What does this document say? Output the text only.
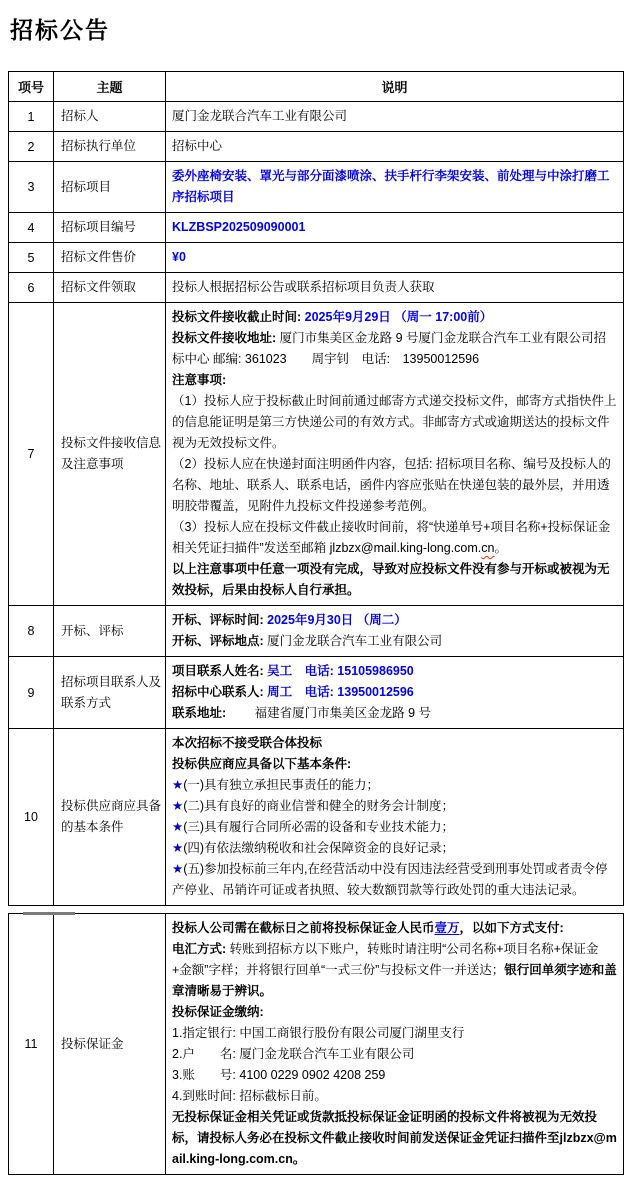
招标公告
项号	主题	说明
1	招标人	厦门金龙联合汽车工业有限公司

2	招标执行单位	招标中心

3	招标项目	委外座椅安装、罩光与部分面漆喷涂、扶手杆行李架安装、前处理与中涂打磨工序招标项目

4	招标项目编号	KLZBSP202509090001

5	招标文件售价	¥0

6	招标文件领取	投标人根据招标公告或联系招标项目负责人获取

7	投标文件接收信息及注意事项	
投标文件接收截止时间: 2025年9月29日 （周一 17:00前）
投标文件接收地址: 厦门市集美区金龙路 9 号厦门金龙联合汽车工业有限公司招标中心 邮编: 361023　　周宇钊　电话:　13950012596
注意事项:
（1）投标人应于投标截止时间前通过邮寄方式递交投标文件，邮寄方式指快件上的信息能证明是第三方快递公司的有效方式。非邮寄方式或逾期送达的投标文件视为无效投标文件。
（2）投标人应在快递封面注明函件内容，包括: 招标项目名称、编号及投标人的名称、地址、联系人、联系电话，函件内容应张贴在快递包装的最外层，并用透明胶带覆盖，见附件九投标文件投递参考范例。
（3）投标人应在投标文件截止接收时间前，将“快递单号+项目名称+投标保证金相关凭证扫描件”发送至邮箱 jlzbzx@mail.king-long.com.cn。
以上注意事项中任意一项没有完成，导致对应投标文件没有参与开标或被视为无效投标，后果由投标人自行承担。

8	开标、评标	开标、评标时间: 2025年9月30日 （周二）
开标、评标地点: 厦门金龙联合汽车工业有限公司

9	招标项目联系人及联系方式	项目联系人姓名: 吴工　电话: 15105986950
招标中心联系人: 周工　电话: 13950012596
联系地址: 　　福建省厦门市集美区金龙路 9 号

10	投标供应商应具备的基本条件	
本次招标不接受联合体投标
投标供应商应具备以下基本条件:
★(一)具有独立承担民事责任的能力；
★(二)具有良好的商业信誉和健全的财务会计制度；
★(三)具有履行合同所必需的设备和专业技术能力；
★(四)有依法缴纳税收和社会保障资金的良好记录；
★(五)参加投标前三年内,在经营活动中没有因违法经营受到刑事处罚或者责令停产停业、吊销许可证或者执照、较大数额罚款等行政处罚的重大违法记录。
11	投标保证金	
投标人公司需在截标日之前将投标保证金人民币壹万，以如下方式支付:
电汇方式: 转账到招标方以下账户，转账时请注明“公司名称+项目名称+保证金+金额”字样；并将银行回单“一式三份”与投标文件一并送达；银行回单须字迹和盖章清晰易于辨识。
投标保证金缴纳:
1.指定银行: 中国工商银行股份有限公司厦门湖里支行
2.户　　名: 厦门金龙联合汽车工业有限公司
3.账　　号: 4100 0229 0902 4208 259
4.到账时间: 招标截标日前。
无投标保证金相关凭证或货款抵投标保证金证明函的投标文件将被视为无效投标，请投标人务必在投标文件截止接收时间前发送保证金凭证扫描件至jlzbzx@mail.king-long.com.cn。
